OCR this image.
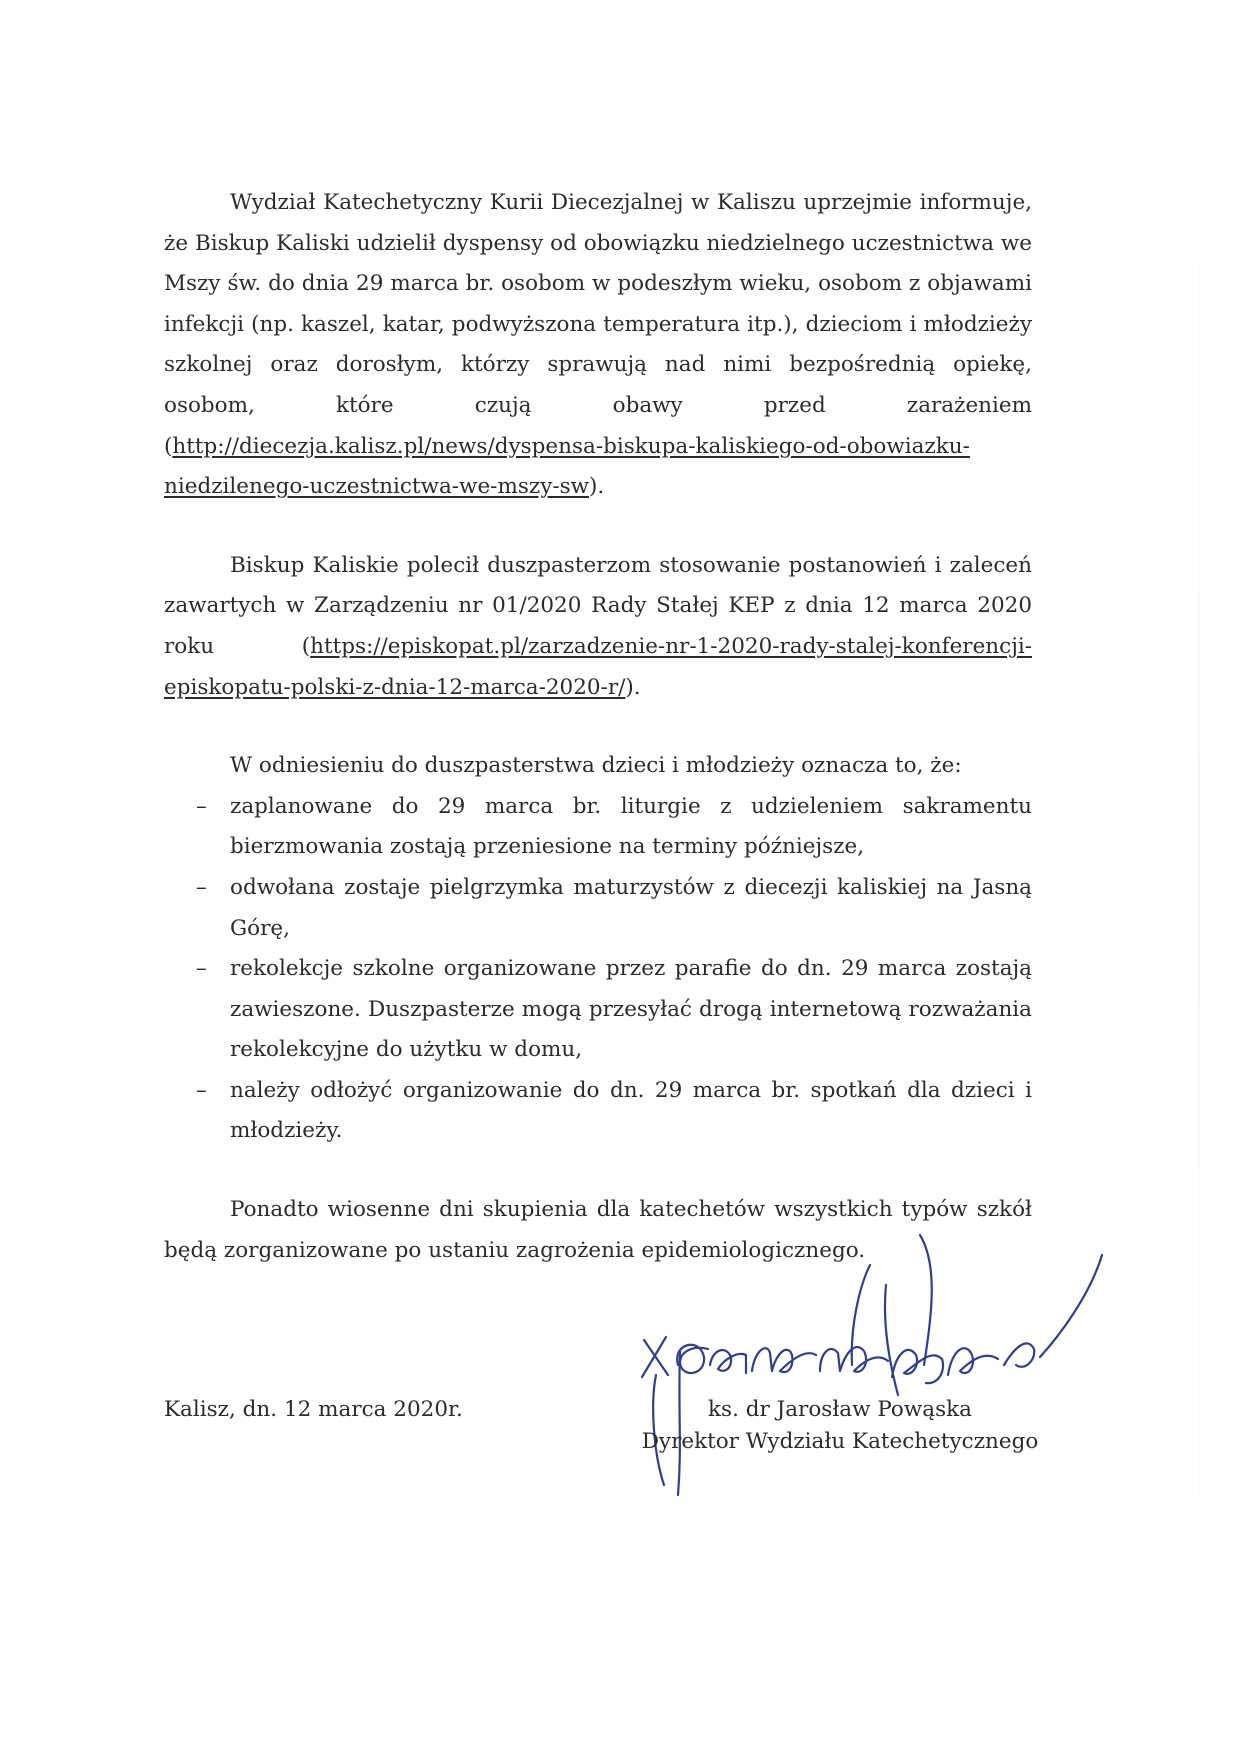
Wydział Katechetyczny Kurii Diecezjalnej w Kaliszu uprzejmie informuje, że Biskup Kaliski udzielił dyspensy od obowiązku niedzielnego uczestnictwa we Mszy św. do dnia 29 marca br. osobom w podeszłym wieku, osobom z objawami infekcji (np. kaszel, katar, podwyższona temperatura itp.), dzieciom i młodzieży szkolnej oraz dorosłym, którzy sprawują nad nimi bezpośrednią opiekę, osobom, które czują obawy przed zarażeniem (http://diecezja.kalisz.pl/news/dyspensa-biskupa-kaliskiego-od-obowiazku-niedzilenego-uczestnictwa-we-mszy-sw).

Biskup Kaliskie polecił duszpasterzom stosowanie postanowień i zaleceń zawartych w Zarządzeniu nr 01/2020 Rady Stałej KEP z dnia 12 marca 2020 roku (https://episkopat.pl/zarzadzenie-nr-1-2020-rady-stalej-konferencji-episkopatu-polski-z-dnia-12-marca-2020-r/).

W odniesieniu do duszpasterstwa dzieci i młodzieży oznacza to, że:

– zaplanowane do 29 marca br. liturgie z udzieleniem sakramentu bierzmowania zostają przeniesione na terminy późniejsze,
– odwołana zostaje pielgrzymka maturzystów z diecezji kaliskiej na Jasną Górę,
– rekolekcje szkolne organizowane przez parafie do dn. 29 marca zostają zawieszone. Duszpasterze mogą przesyłać drogą internetową rozważania rekolekcyjne do użytku w domu,
– należy odłożyć organizowanie do dn. 29 marca br. spotkań dla dzieci i młodzieży.

Ponadto wiosenne dni skupienia dla katechetów wszystkich typów szkół będą zorganizowane po ustaniu zagrożenia epidemiologicznego.

Kalisz, dn. 12 marca 2020r.	ks. dr Jarosław Powąska
Dyrektor Wydziału Katechetycznego
